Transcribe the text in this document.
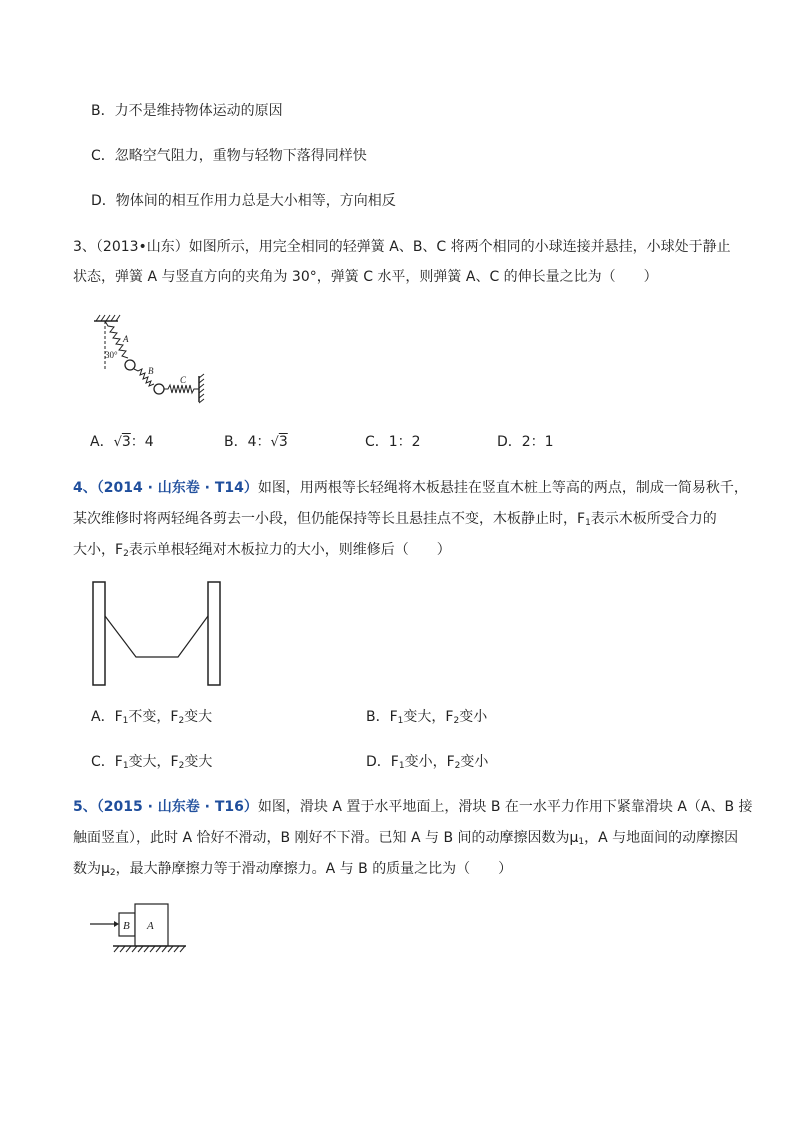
B．力不是维持物体运动的原因
C．忽略空气阻力，重物与轻物下落得同样快
D．物体间的相互作用力总是大小相等，方向相反
3、（2013•山东）如图所示，用完全相同的轻弹簧 A、B、C 将两个相同的小球连接并悬挂，小球处于静止
状态，弹簧 A 与竖直方向的夹角为 30°，弹簧 C 水平，则弹簧 A、C 的伸长量之比为（　　）
30°
A
B
C
A．√3：4	B．4：√3	C．1：2	D．2：1
4、（2014 · 山东卷 · T14）如图，用两根等长轻绳将木板悬挂在竖直木桩上等高的两点，制成一简易秋千，
某次维修时将两轻绳各剪去一小段，但仍能保持等长且悬挂点不变，木板静止时，$F_1$表示木板所受合力的
大小，$F_2$表示单根轻绳对木板拉力的大小，则维修后（　　）
A．$F_1$不变，$F_2$变大	B．$F_1$变大，$F_2$变小
C．$F_1$变大，$F_2$变大	D．$F_1$变小，$F_2$变小
5、（2015 · 山东卷 · T16）如图，滑块 A 置于水平地面上，滑块 B 在一水平力作用下紧靠滑块 A（A、B 接
触面竖直），此时 A 恰好不滑动，B 刚好不下滑。已知 A 与 B 间的动摩擦因数为$\mu_1$，A 与地面间的动摩擦因
数为$\mu_2$，最大静摩擦力等于滑动摩擦力。A 与 B 的质量之比为（　　）
B A
